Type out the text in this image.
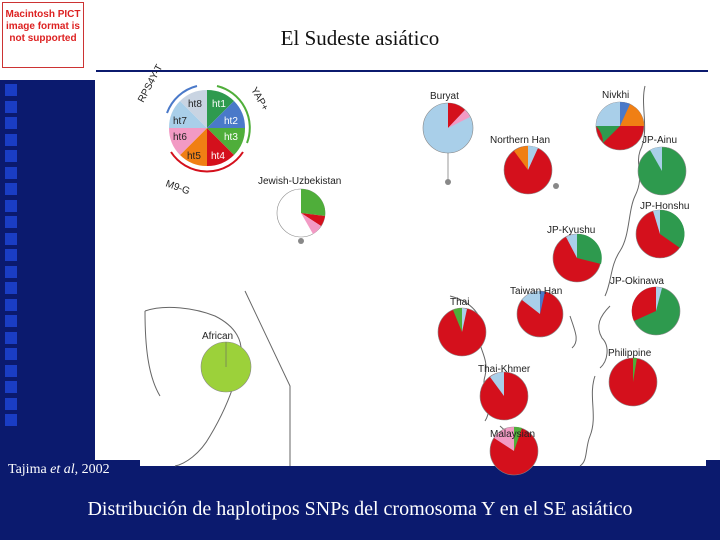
Macintosh PICT image format is not supported	El Sudeste asiático
ht8 ht1
ht2
ht3
ht4
ht5
ht6
ht7
RPS4Y-T	YAP+
M9-G
Buryat	Nivkhi
Northern Han	JP-Ainu
Jewish-Uzbekistan
JP-Honshu
JP-Kyushu
Taiwan Han
JP-Okinawa
Thai
African
Philippine
Thai-Khmer
Malaysian
Tajima et al, 2002
Distribución de haplotipos SNPs del cromosoma Y en el SE asiático
